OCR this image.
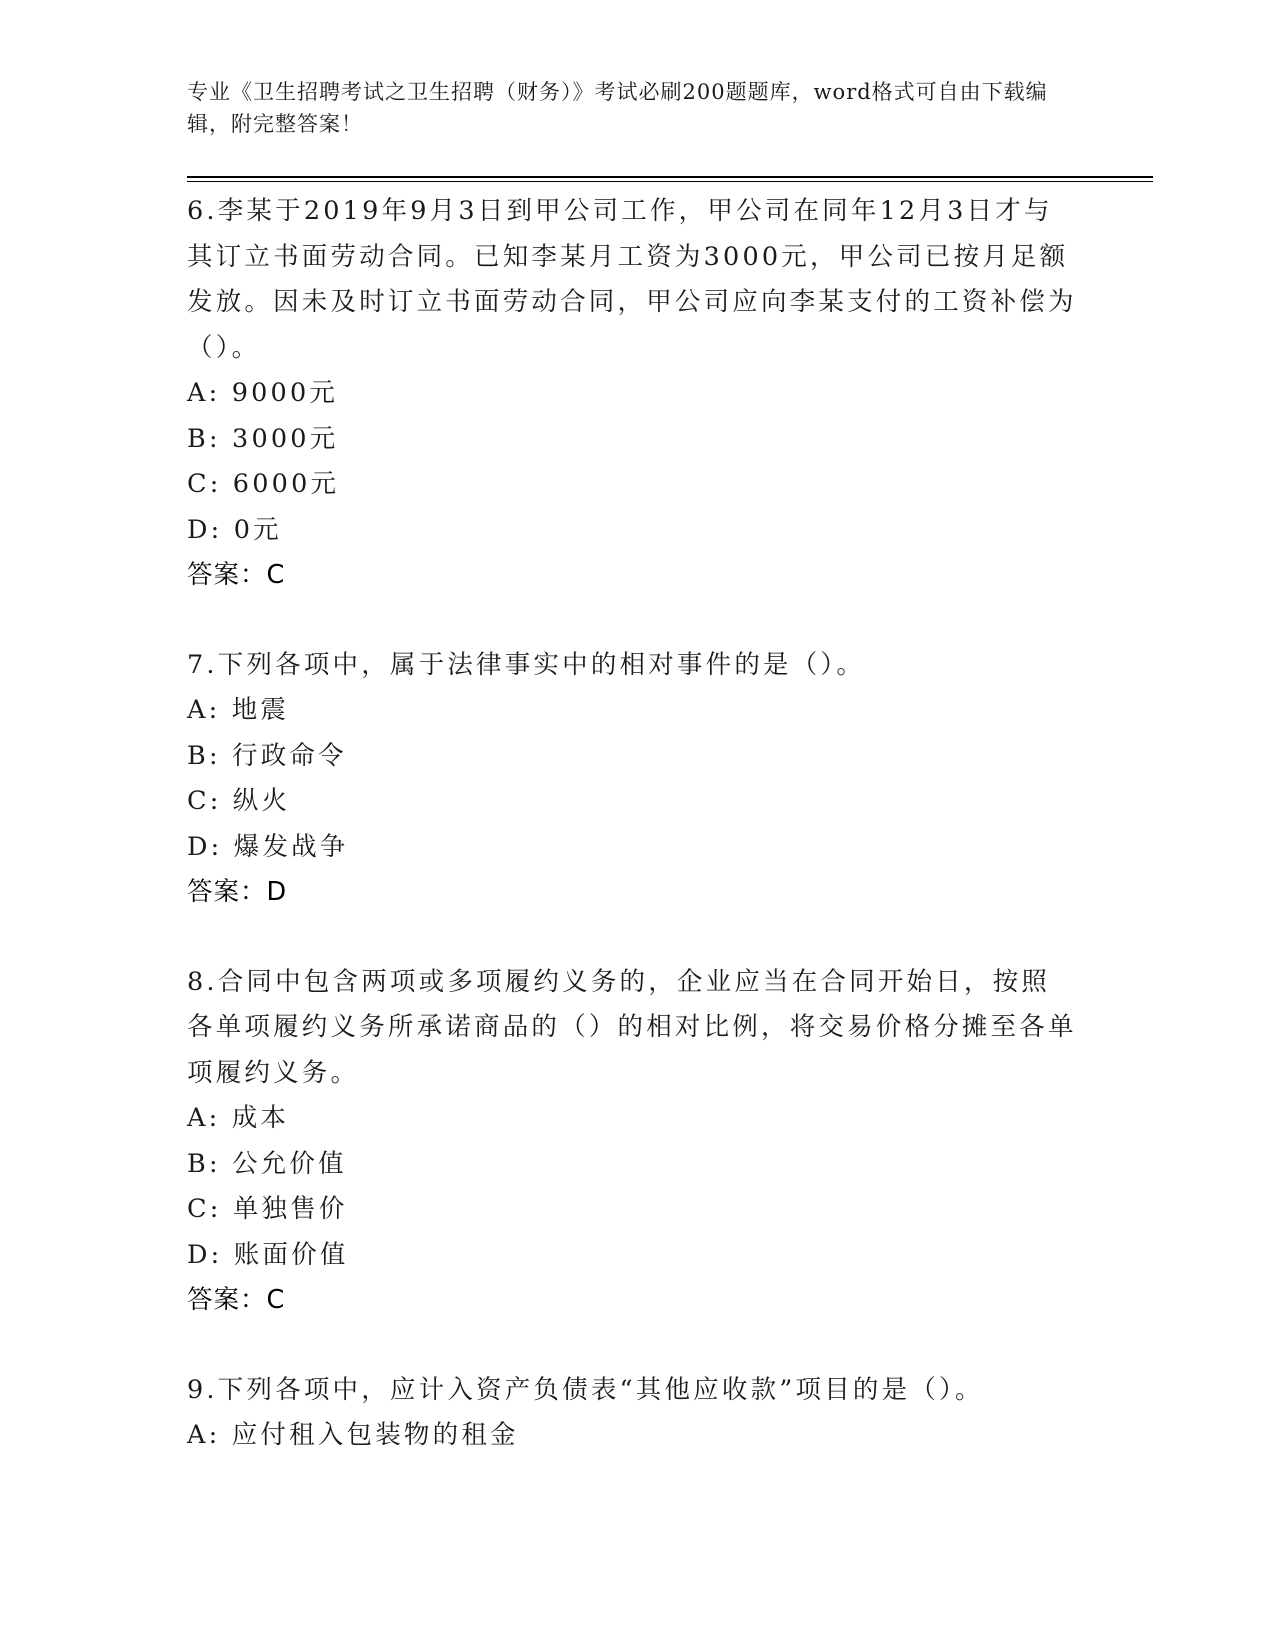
专业《卫生招聘考试之卫生招聘（财务）》考试必刷200题题库，word格式可自由下载编辑，附完整答案！
6.李某于2019年9月3日到甲公司工作，甲公司在同年12月3日才与其订立书面劳动合同。已知李某月工资为3000元，甲公司已按月足额发放。因未及时订立书面劳动合同，甲公司应向李某支付的工资补偿为（）。
A: 9000元
B: 3000元
C: 6000元
D: 0元
答案：C
7.下列各项中，属于法律事实中的相对事件的是（）。
A: 地震
B: 行政命令
C: 纵火
D: 爆发战争
答案：D
8.合同中包含两项或多项履约义务的，企业应当在合同开始日，按照各单项履约义务所承诺商品的（）的相对比例，将交易价格分摊至各单项履约义务。
A: 成本
B: 公允价值
C: 单独售价
D: 账面价值
答案：C
9.下列各项中，应计入资产负债表“其他应收款”项目的是（）。
A: 应付租入包装物的租金
